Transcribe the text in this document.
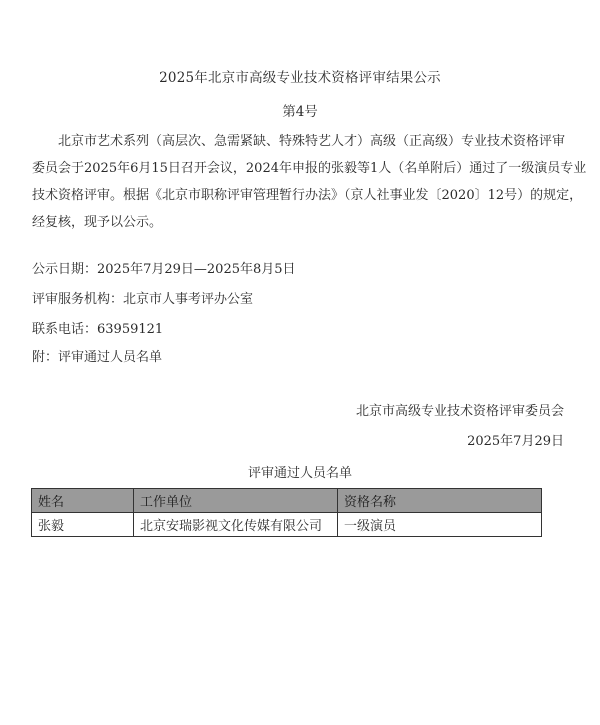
2025年北京市高级专业技术资格评审结果公示
第4号
北京市艺术系列（高层次、急需紧缺、特殊特艺人才）高级（正高级）专业技术资格评审
委员会于2025年6月15日召开会议，2024年申报的张毅等1人（名单附后）通过了一级演员专业
技术资格评审。根据《北京市职称评审管理暂行办法》（京人社事业发〔2020〕12号）的规定，
经复核，现予以公示。
公示日期：2025年7月29日—2025年8月5日
评审服务机构：北京市人事考评办公室
联系电话：63959121
附：评审通过人员名单
北京市高级专业技术资格评审委员会
2025年7月29日
评审通过人员名单
姓名	工作单位	资格名称
张毅	北京安瑞影视文化传媒有限公司	一级演员
